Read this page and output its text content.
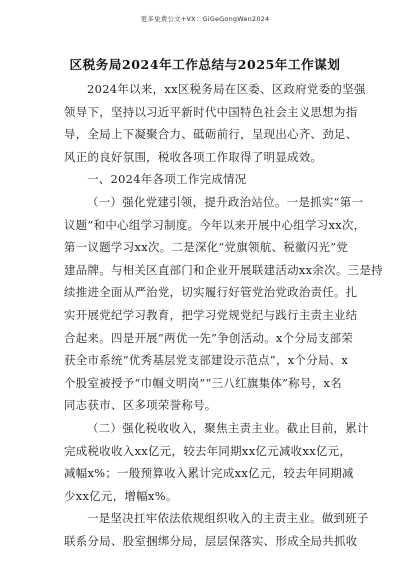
更多免费公文+VX：GiGeGongWen2024
区税务局2024年工作总结与2025年工作谋划
2024年以来，xx区税务局在区委、区政府党委的坚强
领导下，坚持以习近平新时代中国特色社会主义思想为指
导，全局上下凝聚合力、砥砺前行，呈现出心齐、劲足、
风正的良好氛围，税收各项工作取得了明显成效。
一、2024年各项工作完成情况
（一）强化党建引领，提升政治站位。一是抓实“第一
议题”和中心组学习制度。今年以来开展中心组学习xx次，
第一议题学习xx次。二是深化“党旗领航、税徽闪光”党
建品牌。与相关区直部门和企业开展联建活动xx余次。三是持
续推进全面从严治党，切实履行好管党治党政治责任。扎
实开展党纪学习教育，把学习党规党纪与践行主责主业结
合起来。四是开展“两优一先”争创活动。x个分局支部荣
获全市系统“优秀基层党支部建设示范点”，x个分局、x
个股室被授予“巾帼文明岗”“三八红旗集体”称号，x名
同志获市、区多项荣誉称号。
（二）强化税收收入，聚焦主责主业。截止目前，累计
完成税收收入xx亿元，较去年同期xx亿元减收xx亿元，
减幅x%；一般预算收入累计完成xx亿元，较去年同期减
少xx亿元，增幅x%。
一是坚决扛牢依法依规组织收入的主责主业。做到班子
联系分局、股室捆绑分局，层层保落实、形成全局共抓收
